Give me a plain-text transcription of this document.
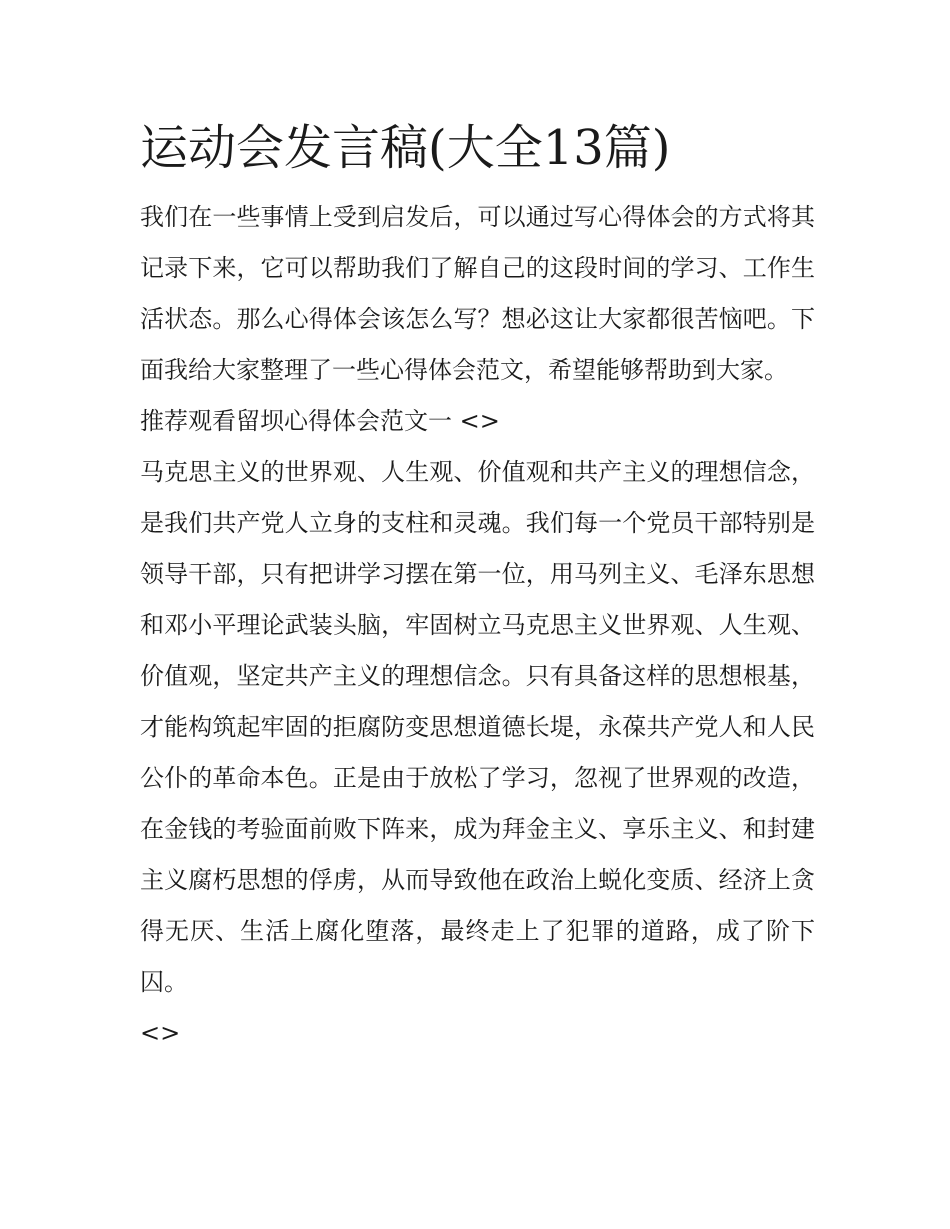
运动会发言稿(大全13篇)

我们在一些事情上受到启发后，可以通过写心得体会的方式将其记录下来，它可以帮助我们了解自己的这段时间的学习、工作生活状态。那么心得体会该怎么写？想必这让大家都很苦恼吧。下面我给大家整理了一些心得体会范文，希望能够帮助到大家。

推荐观看留坝心得体会范文一 <>

马克思主义的世界观、人生观、价值观和共产主义的理想信念，是我们共产党人立身的支柱和灵魂。我们每一个党员干部特别是领导干部，只有把讲学习摆在第一位，用马列主义、毛泽东思想和邓小平理论武装头脑，牢固树立马克思主义世界观、人生观、价值观，坚定共产主义的理想信念。只有具备这样的思想根基，才能构筑起牢固的拒腐防变思想道德长堤，永葆共产党人和人民公仆的革命本色。正是由于放松了学习，忽视了世界观的改造，在金钱的考验面前败下阵来，成为拜金主义、享乐主义、和封建主义腐朽思想的俘虏，从而导致他在政治上蜕化变质、经济上贪得无厌、生活上腐化堕落，最终走上了犯罪的道路，成了阶下囚。

<>
